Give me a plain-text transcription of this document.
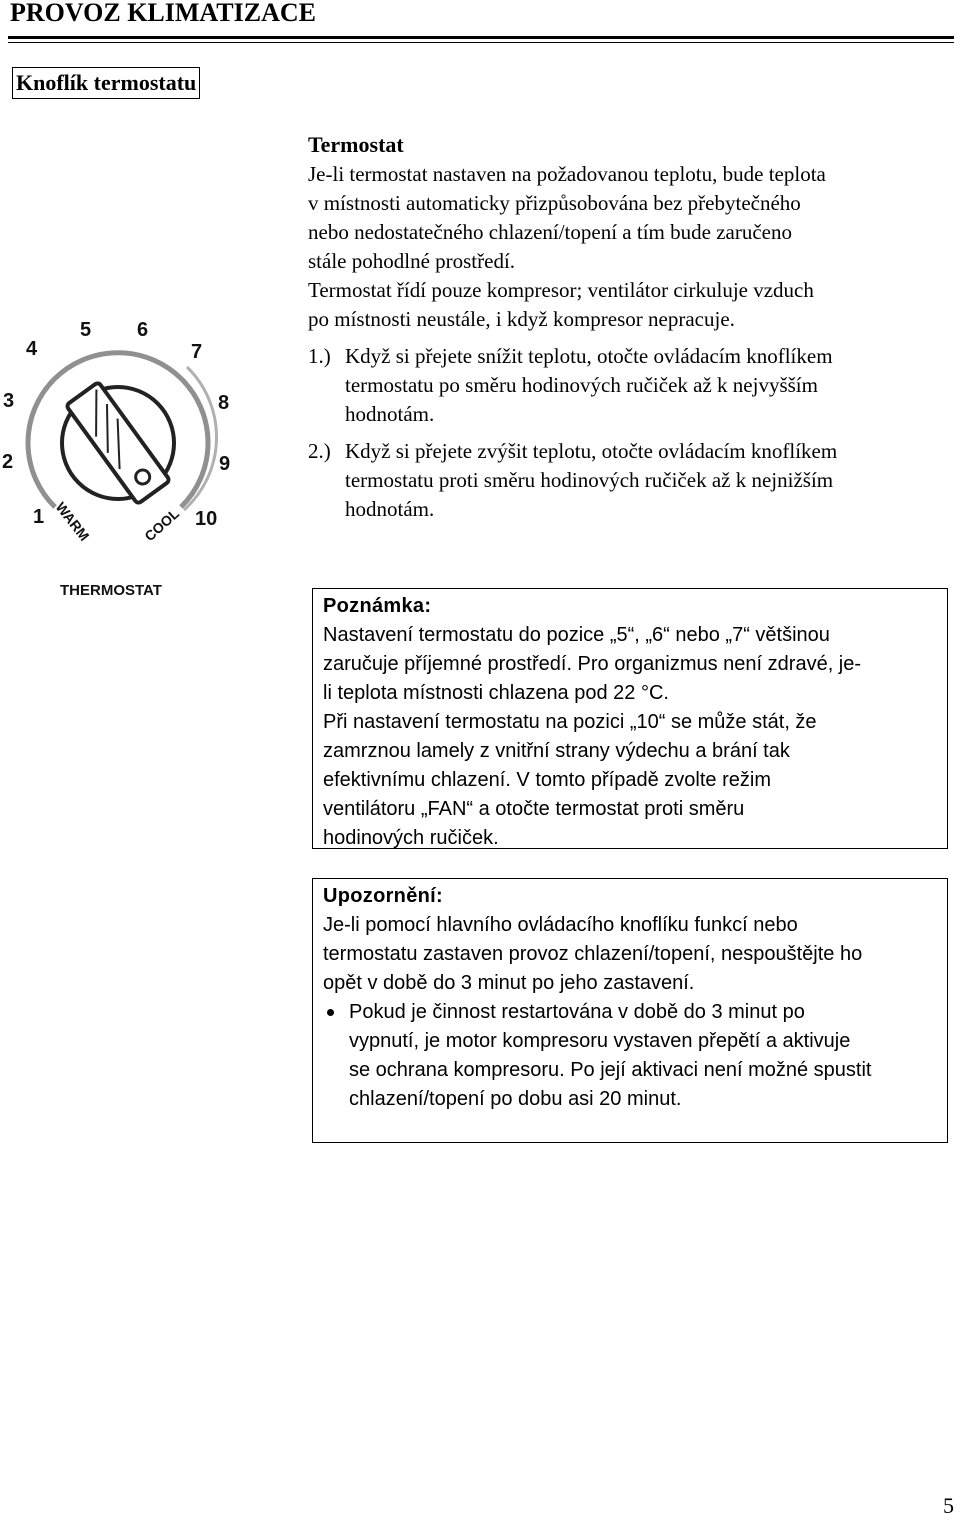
PROVOZ KLIMATIZACE
Knoflík termostatu
Termostat
Je-li termostat nastaven na požadovanou teplotu, bude teplota
v místnosti automaticky přizpůsobována bez přebytečného
nebo nedostatečného chlazení/topení a tím bude zaručeno
stále pohodlné prostředí.
Termostat řídí pouze kompresor; ventilátor cirkuluje vzduch
po místnosti neustále, i když kompresor nepracuje.
1.) Když si přejete snížit teplotu, otočte ovládacím knoflíkem
termostatu po směru hodinových ručiček až k nejvyšším
hodnotám.
2.) Když si přejete zvýšit teplotu, otočte ovládacím knoflíkem
termostatu proti směru hodinových ručiček až k nejnižším
hodnotám.
1
2
3
4
5 6
7
8
9
10
WARM	COOL
THERMOSTAT
Poznámka:
Nastavení termostatu do pozice „5“, „6“ nebo „7“ většinou
zaručuje příjemné prostředí. Pro organizmus není zdravé, je-
li teplota místnosti chlazena pod 22 °C.
Při nastavení termostatu na pozici „10“ se může stát, že
zamrznou lamely z vnitřní strany výdechu a brání tak
efektivnímu chlazení. V tomto případě zvolte režim
ventilátoru „FAN“ a otočte termostat proti směru
hodinových ručiček.
Upozornění:
Je-li pomocí hlavního ovládacího knoflíku funkcí nebo
termostatu zastaven provoz chlazení/topení, nespouštějte ho
opět v době do 3 minut po jeho zastavení.
Pokud je činnost restartována v době do 3 minut po
vypnutí, je motor kompresoru vystaven přepětí a aktivuje
se ochrana kompresoru. Po její aktivaci není možné spustit
chlazení/topení po dobu asi 20 minut.
5
